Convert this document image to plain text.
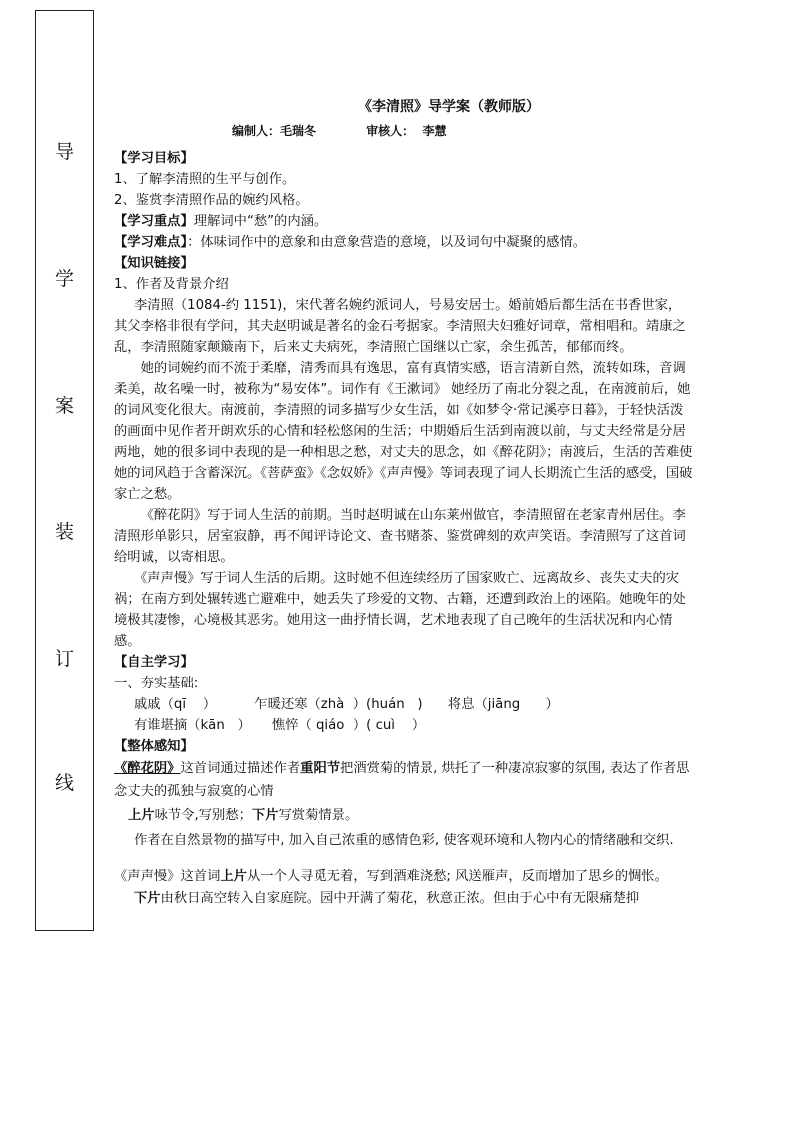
导
学
案
装
订
线
《李清照》导学案（教师版）
编制人：毛瑞冬            审核人：  李慧

【学习目标】

1、了解李清照的生平与创作。

2、鉴赏李清照作品的婉约风格。

【学习重点】理解词中“愁”的内涵。

【学习难点】：体味词作中的意象和由意象营造的意境，以及词句中凝聚的感情。

【知识链接】

1、作者及背景介绍

李清照（1084-约 1151)，宋代著名婉约派词人，号易安居士。婚前婚后都生活在书香世家，其父李格非很有学问，其夫赵明诚是著名的金石考据家。李清照夫妇雅好词章，常相唱和。靖康之乱，李清照随家颠簸南下，后来丈夫病死，李清照亡国继以亡家，余生孤苦，郁郁而终。

她的词婉约而不流于柔靡，清秀而具有逸思，富有真情实感，语言清新自然，流转如珠，音调柔美，故名噪一时，被称为“易安体”。词作有《王漱词》 她经历了南北分裂之乱，在南渡前后，她的词风变化很大。南渡前，李清照的词多描写少女生活，如《如梦令·常记溪亭日暮》，于轻快活泼的画面中见作者开朗欢乐的心情和轻松悠闲的生活；中期婚后生活到南渡以前，与丈夫经常是分居两地，她的很多词中表现的是一种相思之愁，对丈夫的思念，如《醉花阴》；南渡后，生活的苦难使她的词风趋于含蓄深沉。《菩萨蛮》《念奴娇》《声声慢》等词表现了词人长期流亡生活的感受，国破家亡之愁。

《醉花阴》写于词人生活的前期。当时赵明诚在山东莱州做官，李清照留在老家青州居住。李清照形单影只，居室寂静，再不闻评诗论文、查书赌茶、鉴赏碑刻的欢声笑语。李清照写了这首词给明诚，以寄相思。

《声声慢》写于词人生活的后期。这时她不但连续经历了国家败亡、远离故乡、丧失丈夫的灾祸；在南方到处辗转逃亡避难中，她丢失了珍爱的文物、古籍，还遭到政治上的诬陷。她晚年的处境极其凄惨，心境极其恶劣。她用这一曲抒情长调，艺术地表现了自己晚年的生活状况和内心情感。

【自主学习】

一、夯实基础:

戚戚（qī    ）         乍暖还寒（zhà  ）(huán   )      将息（jiāng      ）

有谁堪摘（kān   ）     憔悴（ qiáo  ）( cuì    ）

【整体感知】

《醉花阴》这首词通过描述作者重阳节把酒赏菊的情景, 烘托了一种凄凉寂寥的氛围, 表达了作者思念丈夫的孤独与寂寞的心情

上片咏节令,写别愁；下片写赏菊情景。

作者在自然景物的描写中, 加入自己浓重的感情色彩, 使客观环境和人物内心的情绪融和交织.

《声声慢》这首词上片从一个人寻觅无着，写到酒难浇愁; 风送雁声，反而增加了思乡的惆怅。

下片由秋日高空转入自家庭院。园中开满了菊花，秋意正浓。但由于心中有无限痛楚抑
